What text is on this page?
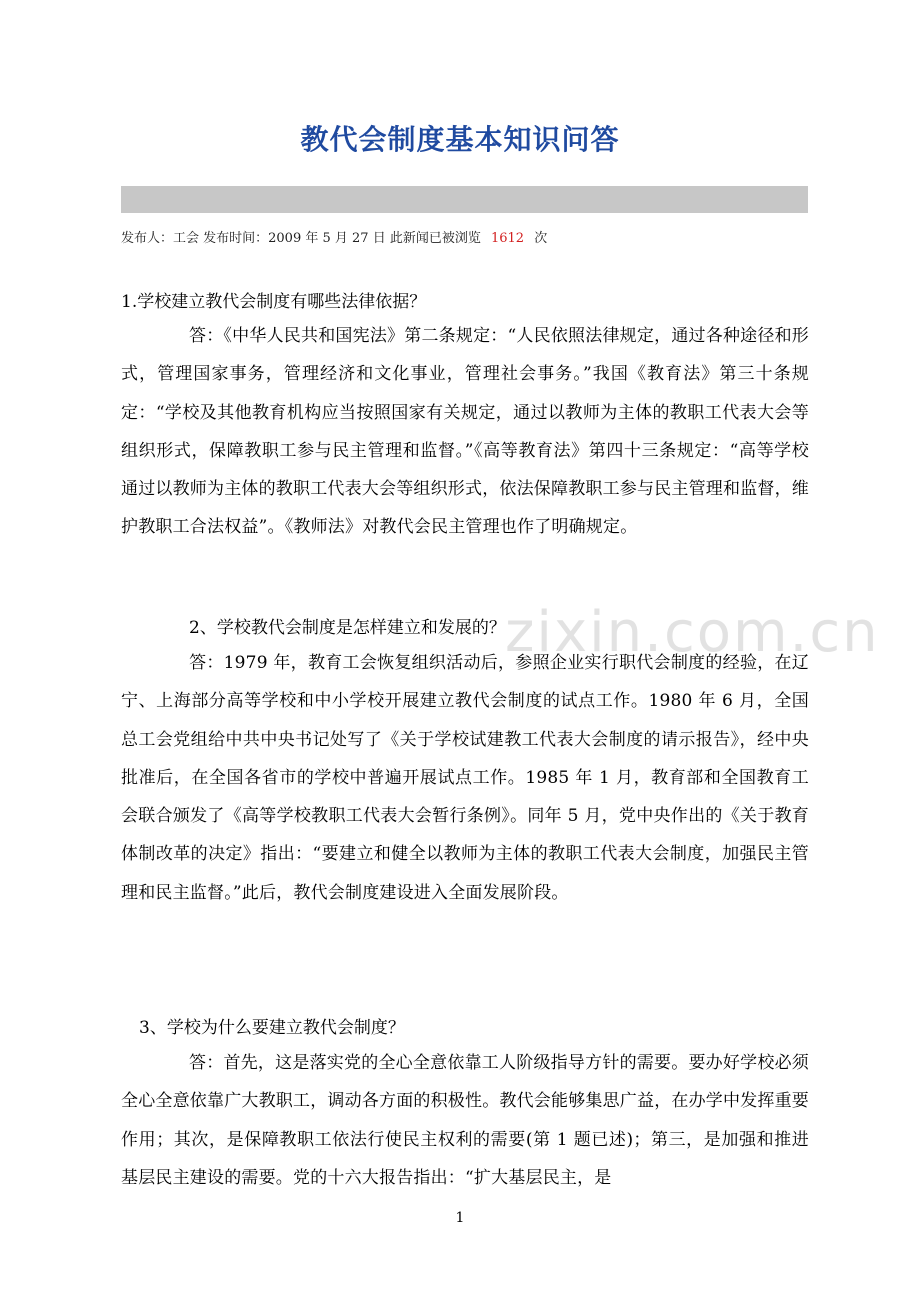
zixin.com.cn
教代会制度基本知识问答
发布人：工会 发布时间：2009 年 5 月 27 日 此新闻已被浏览 1612 次
1.学校建立教代会制度有哪些法律依据？
答：《中华人民共和国宪法》第二条规定：“人民依照法律规定，通过各种途径和形式，管理国家事务，管理经济和文化事业，管理社会事务。”我国《教育法》第三十条规定：“学校及其他教育机构应当按照国家有关规定，通过以教师为主体的教职工代表大会等组织形式，保障教职工参与民主管理和监督。”《高等教育法》第四十三条规定：“高等学校通过以教师为主体的教职工代表大会等组织形式，依法保障教职工参与民主管理和监督，维护教职工合法权益”。《教师法》对教代会民主管理也作了明确规定。
2、学校教代会制度是怎样建立和发展的？
答：1979 年，教育工会恢复组织活动后，参照企业实行职代会制度的经验，在辽宁、上海部分高等学校和中小学校开展建立教代会制度的试点工作。1980 年 6 月，全国总工会党组给中共中央书记处写了《关于学校试建教工代表大会制度的请示报告》，经中央批准后，在全国各省市的学校中普遍开展试点工作。1985 年 1 月，教育部和全国教育工会联合颁发了《高等学校教职工代表大会暂行条例》。同年 5 月，党中央作出的《关于教育体制改革的决定》指出：“要建立和健全以教师为主体的教职工代表大会制度，加强民主管理和民主监督。”此后，教代会制度建设进入全面发展阶段。
3、学校为什么要建立教代会制度？
答：首先，这是落实党的全心全意依靠工人阶级指导方针的需要。要办好学校必须全心全意依靠广大教职工，调动各方面的积极性。教代会能够集思广益，在办学中发挥重要作用；其次，是保障教职工依法行使民主权利的需要(第 1 题已述)；第三，是加强和推进基层民主建设的需要。党的十六大报告指出：“扩大基层民主，是
1
